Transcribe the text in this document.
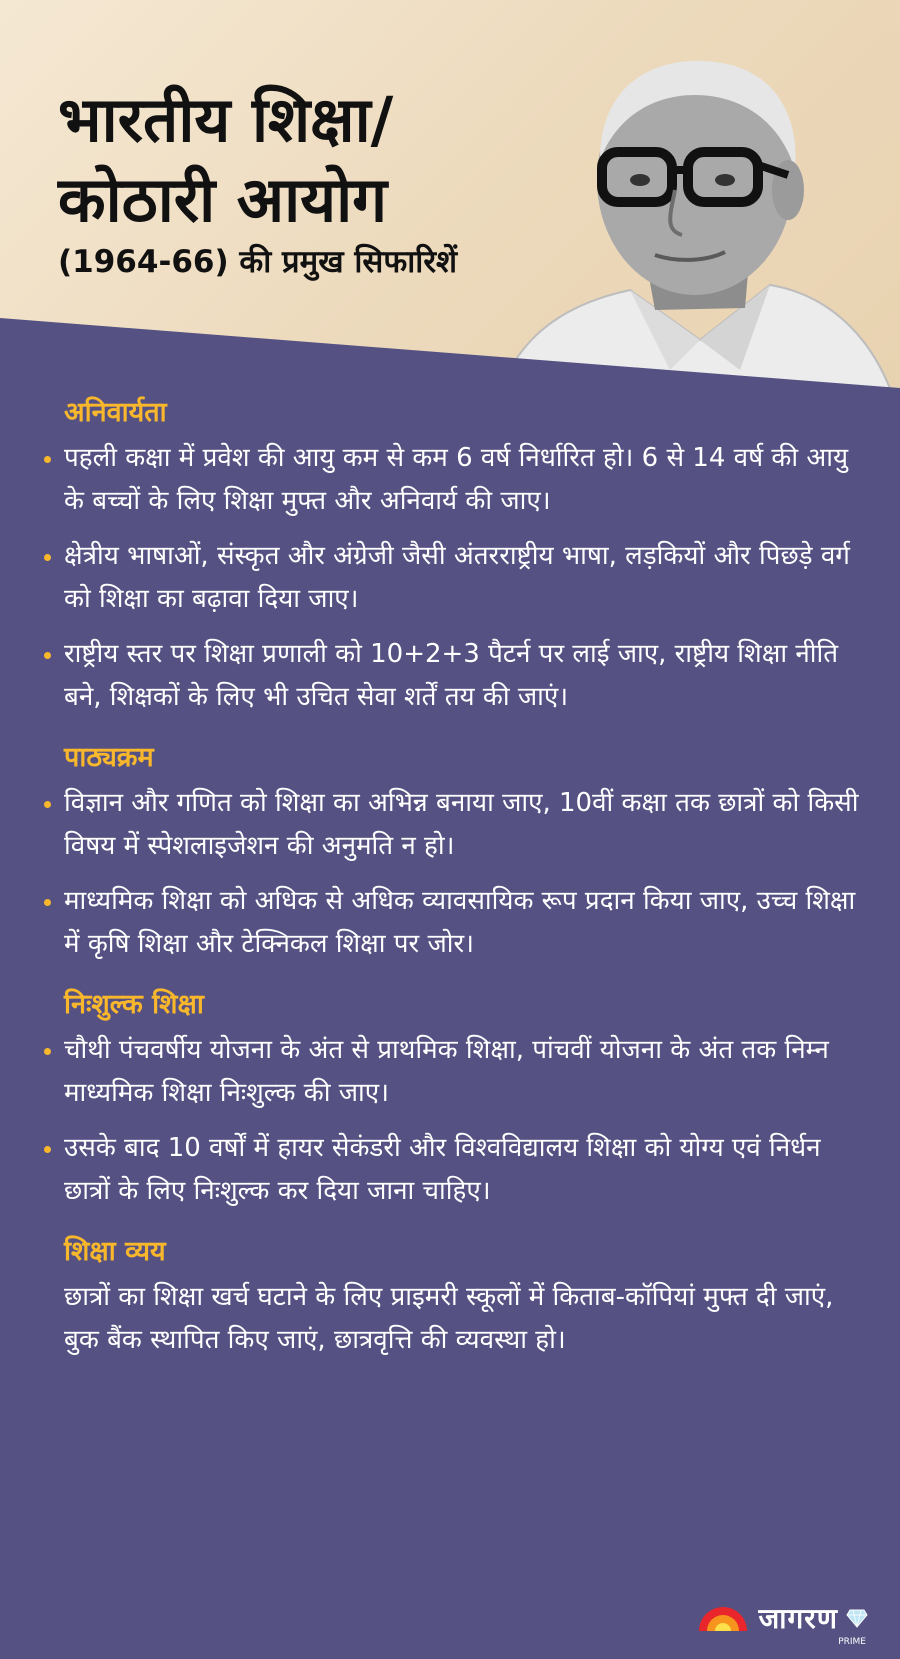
भारतीय शिक्षा/
कोठारी आयोग

(1964-66) की प्रमुख सिफारिशें

अनिवार्यता
पहली कक्षा में प्रवेश की आयु कम से कम 6 वर्ष निर्धारित हो। 6 से 14 वर्ष की आयु के बच्चों के लिए शिक्षा मुफ्त और अनिवार्य की जाए।
क्षेत्रीय भाषाओं, संस्कृत और अंग्रेजी जैसी अंतरराष्ट्रीय भाषा, लड़कियों और पिछड़े वर्ग को शिक्षा का बढ़ावा दिया जाए।
राष्ट्रीय स्तर पर शिक्षा प्रणाली को 10+2+3 पैटर्न पर लाई जाए, राष्ट्रीय शिक्षा नीति बने, शिक्षकों के लिए भी उचित सेवा शर्तें तय की जाएं।
पाठ्यक्रम
विज्ञान और गणित को शिक्षा का अभिन्न बनाया जाए, 10वीं कक्षा तक छात्रों को किसी विषय में स्पेशलाइजेशन की अनुमति न हो।
माध्यमिक शिक्षा को अधिक से अधिक व्यावसायिक रूप प्रदान किया जाए, उच्च शिक्षा में कृषि शिक्षा और टेक्निकल शिक्षा पर जोर।
निःशुल्क शिक्षा
चौथी पंचवर्षीय योजना के अंत से प्राथमिक शिक्षा, पांचवीं योजना के अंत तक निम्न माध्यमिक शिक्षा निःशुल्क की जाए।
उसके बाद 10 वर्षों में हायर सेकंडरी और विश्वविद्यालय शिक्षा को योग्य एवं निर्धन छात्रों के लिए निःशुल्क कर दिया जाना चाहिए।
शिक्षा व्यय

छात्रों का शिक्षा खर्च घटाने के लिए प्राइमरी स्कूलों में किताब-कॉपियां मुफ्त दी जाएं, बुक बैंक स्थापित किए जाएं, छात्रवृत्ति की व्यवस्था हो।

जागरण
PRIME
